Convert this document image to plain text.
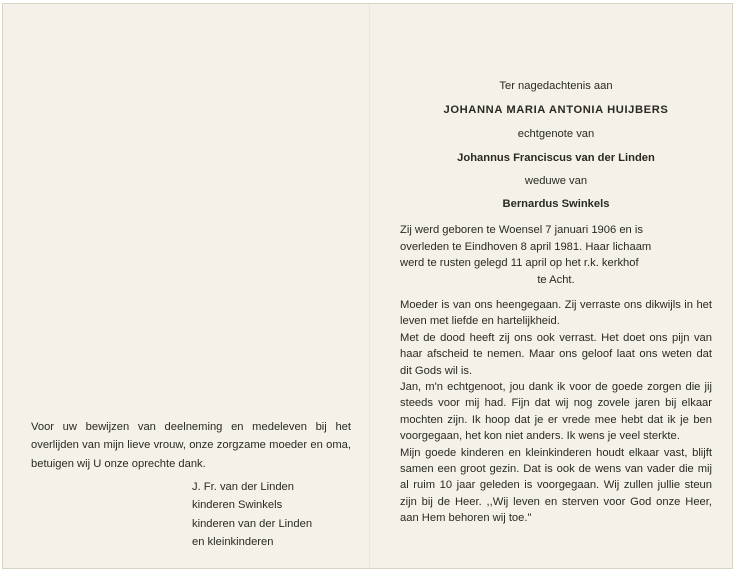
Voor uw bewijzen van deelneming en medeleven bij het overlijden van mijn lieve vrouw, onze zorgzame moeder en oma, betuigen wij U onze oprechte dank.

J. Fr. van der Linden
kinderen Swinkels
kinderen van der Linden
en kleinkinderen
Ter nagedachtenis aan
JOHANNA MARIA ANTONIA HUIJBERS
echtgenote van
Johannus Franciscus van der Linden
weduwe van
Bernardus Swinkels

Zij werd geboren te Woensel 7 januari 1906 en is

overleden te Eindhoven 8 april 1981. Haar lichaam

werd te rusten gelegd 11 april op het r.k. kerkhof

te Acht.

Moeder is van ons heengegaan. Zij verraste ons dikwijls in het leven met liefde en hartelijkheid.

Met de dood heeft zij ons ook verrast. Het doet ons pijn van haar afscheid te nemen. Maar ons geloof laat ons weten dat dit Gods wil is.

Jan, m'n echtgenoot, jou dank ik voor de goede zorgen die jij steeds voor mij had. Fijn dat wij nog zovele jaren bij elkaar mochten zijn. Ik hoop dat je er vrede mee hebt dat ik je ben voorgegaan, het kon niet anders. Ik wens je veel sterkte.

Mijn goede kinderen en kleinkinderen houdt elkaar vast, blijft samen een groot gezin. Dat is ook de wens van vader die mij al ruim 10 jaar geleden is voorgegaan. Wij zullen jullie steun zijn bij de Heer. ,,Wij leven en sterven voor God onze Heer, aan Hem behoren wij toe."
